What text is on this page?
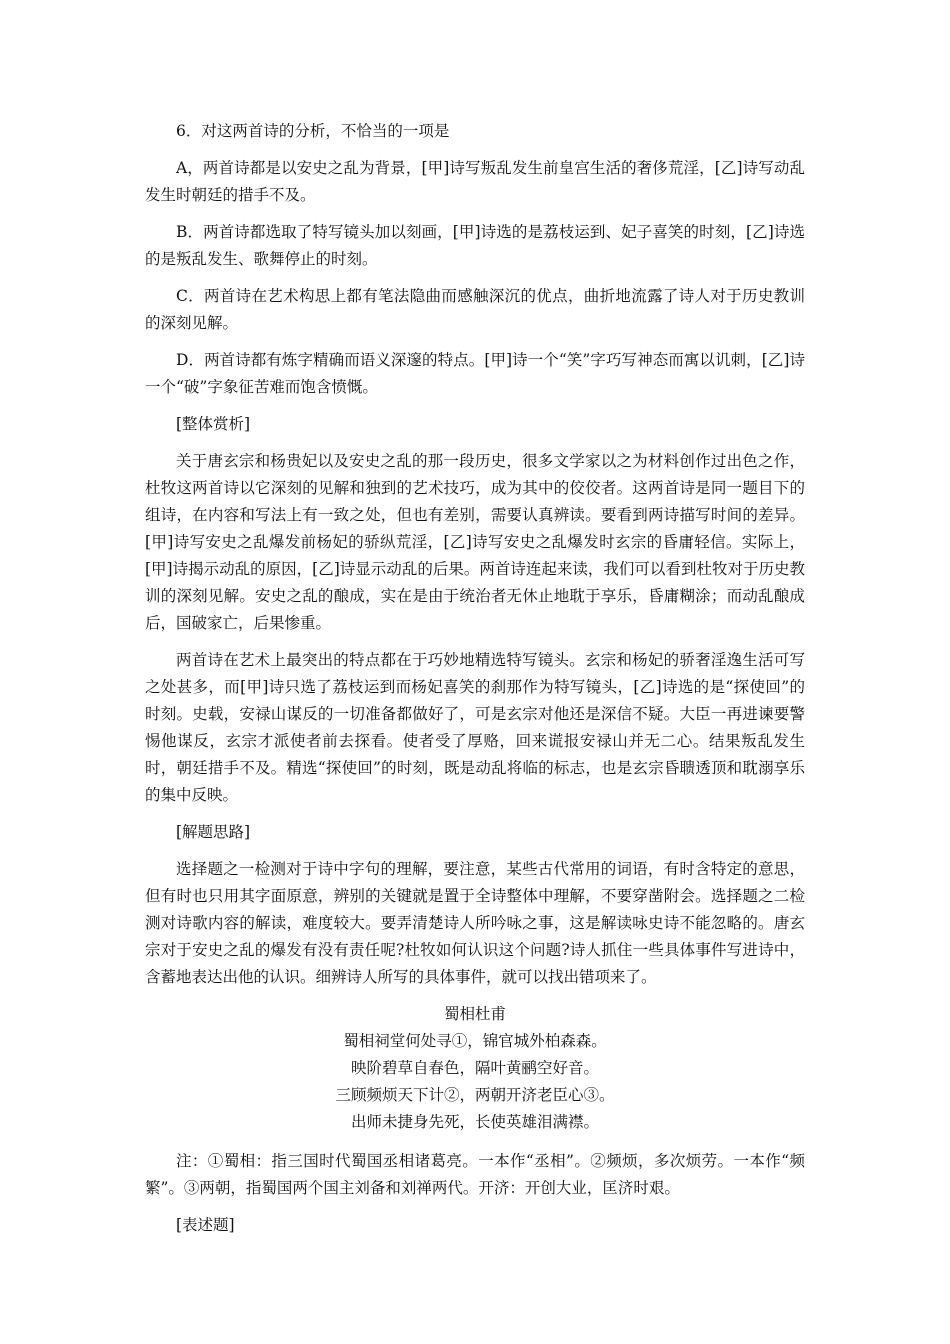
6．对这两首诗的分析，不恰当的一项是

A，两首诗都是以安史之乱为背景，[甲]诗写叛乱发生前皇宫生活的奢侈荒淫，[乙]诗写动乱发生时朝廷的措手不及。

B．两首诗都选取了特写镜头加以刻画，[甲]诗选的是荔枝运到、妃子喜笑的时刻，[乙]诗选的是叛乱发生、歌舞停止的时刻。

C．两首诗在艺术构思上都有笔法隐曲而感触深沉的优点，曲折地流露了诗人对于历史教训的深刻见解。

D．两首诗都有炼字精确而语义深邃的特点。[甲]诗一个“笑”字巧写神态而寓以讥刺，[乙]诗一个“破”字象征苦难而饱含愤慨。

[整体赏析]

关于唐玄宗和杨贵妃以及安史之乱的那一段历史，很多文学家以之为材料创作过出色之作，杜牧这两首诗以它深刻的见解和独到的艺术技巧，成为其中的佼佼者。这两首诗是同一题目下的组诗，在内容和写法上有一致之处，但也有差别，需要认真辨读。要看到两诗描写时间的差异。[甲]诗写安史之乱爆发前杨妃的骄纵荒淫，[乙]诗写安史之乱爆发时玄宗的昏庸轻信。实际上，[甲]诗揭示动乱的原因，[乙]诗显示动乱的后果。两首诗连起来读，我们可以看到杜牧对于历史教训的深刻见解。安史之乱的酿成，实在是由于统治者无休止地耽于享乐，昏庸糊涂；而动乱酿成后，国破家亡，后果惨重。

两首诗在艺术上最突出的特点都在于巧妙地精选特写镜头。玄宗和杨妃的骄奢淫逸生活可写之处甚多，而[甲]诗只选了荔枝运到而杨妃喜笑的刹那作为特写镜头，[乙]诗选的是“探使回”的时刻。史载，安禄山谋反的一切准备都做好了，可是玄宗对他还是深信不疑。大臣一再进谏要警惕他谋反，玄宗才派使者前去探看。使者受了厚赂，回来谎报安禄山并无二心。结果叛乱发生时，朝廷措手不及。精选“探使回”的时刻，既是动乱将临的标志，也是玄宗昏聩透顶和耽溺享乐的集中反映。

[解题思路]

选择题之一检测对于诗中字句的理解，要注意，某些古代常用的词语，有时含特定的意思，但有时也只用其字面原意，辨别的关键就是置于全诗整体中理解，不要穿凿附会。选择题之二检测对诗歌内容的解读，难度较大。要弄清楚诗人所吟咏之事，这是解读咏史诗不能忽略的。唐玄宗对于安史之乱的爆发有没有责任呢?杜牧如何认识这个问题?诗人抓住一些具体事件写进诗中，含蓄地表达出他的认识。细辨诗人所写的具体事件，就可以找出错项来了。

蜀相杜甫
蜀相祠堂何处寻①，锦官城外柏森森。
映阶碧草自春色，隔叶黄鹂空好音。
三顾频烦天下计②，两朝开济老臣心③。
出师未捷身先死，长使英雄泪满襟。

注：①蜀相：指三国时代蜀国丞相诸葛亮。一本作“丞相”。②频烦，多次烦劳。一本作“频繁”。③两朝，指蜀国两个国主刘备和刘禅两代。开济：开创大业，匡济时艰。

[表述题]
